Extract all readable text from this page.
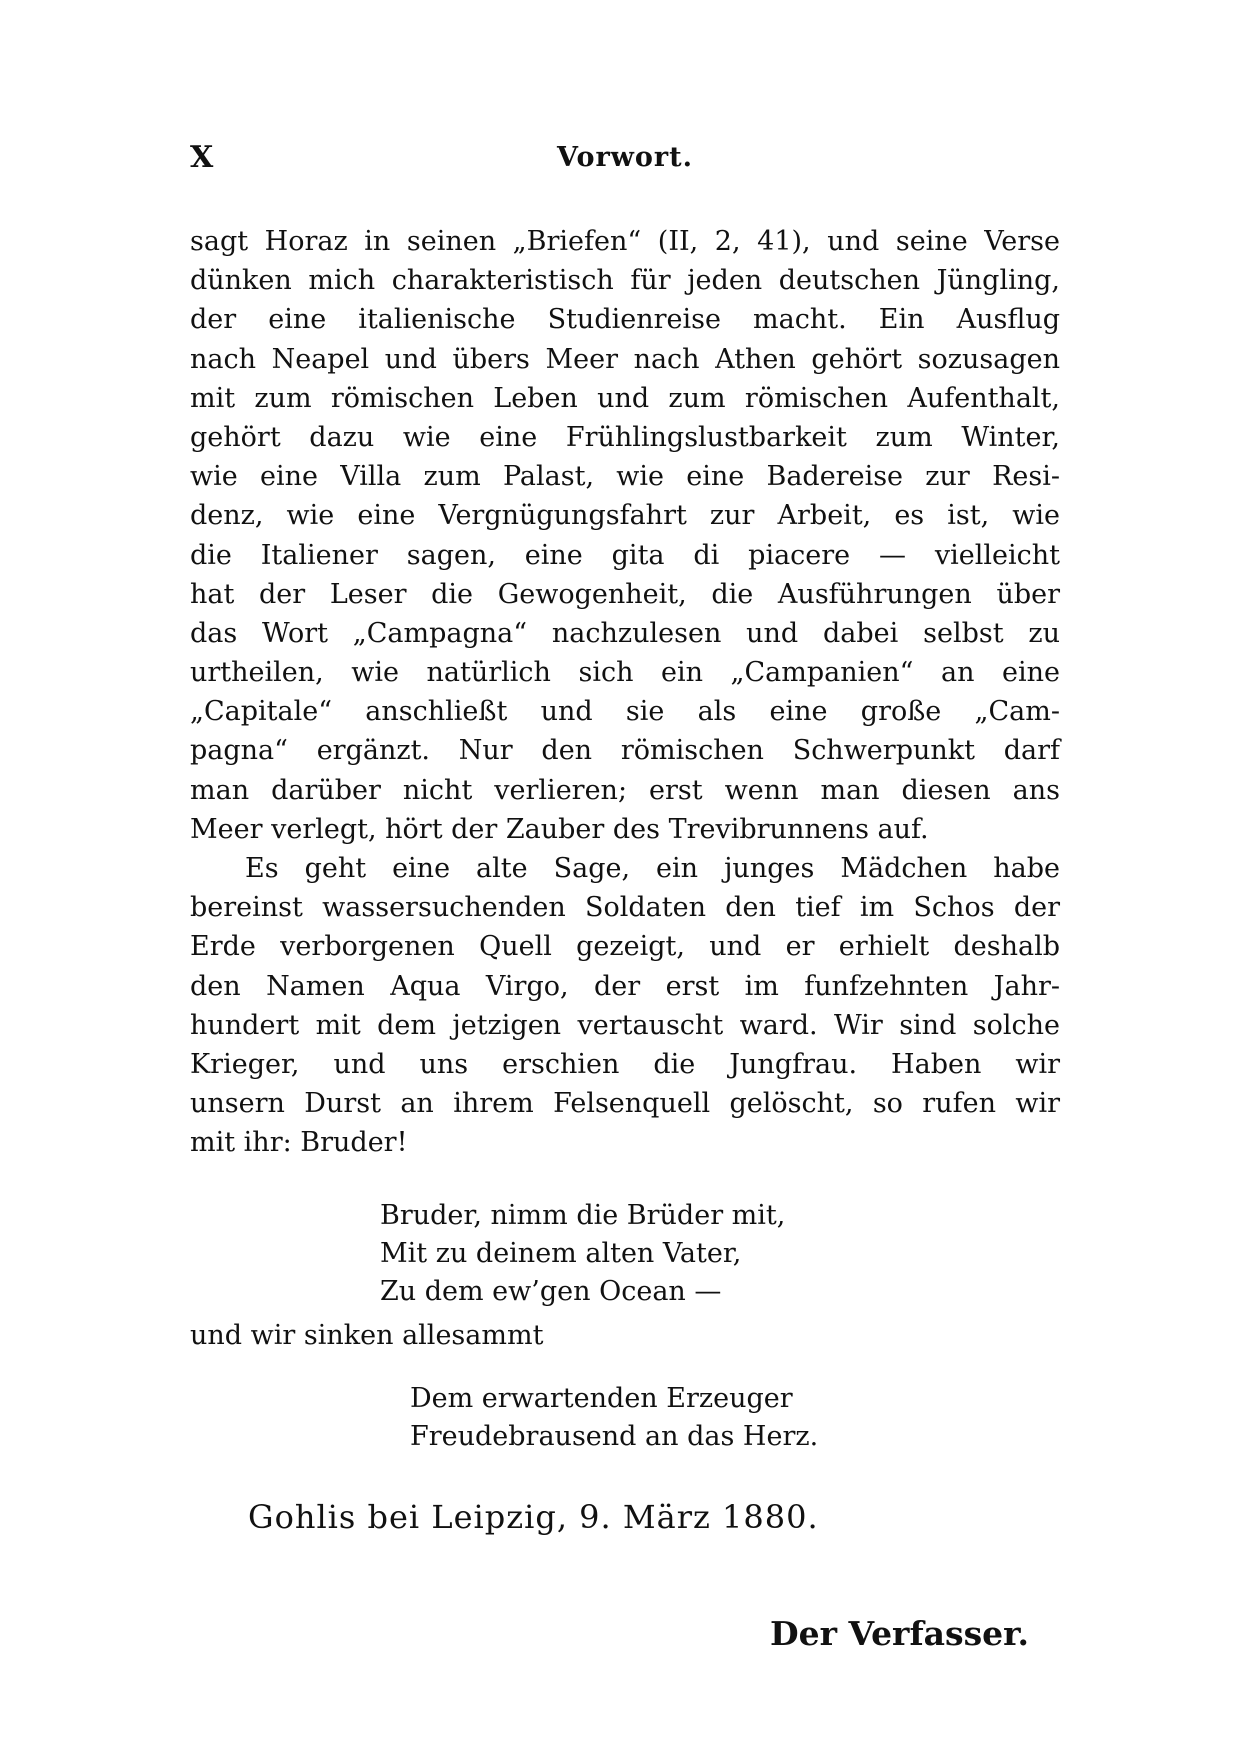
X	Vorwort.
sagt Horaz in seinen „Briefen“ (II, 2, 41), und seine Verse
dünken mich charakteristisch für jeden deutschen Jüngling,
der eine italienische Studienreise macht. Ein Ausflug
nach Neapel und übers Meer nach Athen gehört sozusagen
mit zum römischen Leben und zum römischen Aufenthalt,
gehört dazu wie eine Frühlingslustbarkeit zum Winter,
wie eine Villa zum Palast, wie eine Badereise zur Resi-
denz, wie eine Vergnügungsfahrt zur Arbeit, es ist, wie
die Italiener sagen, eine gita di piacere — vielleicht
hat der Leser die Gewogenheit, die Ausführungen über
das Wort „Campagna“ nachzulesen und dabei selbst zu
urtheilen, wie natürlich sich ein „Campanien“ an eine
„Capitale“ anschließt und sie als eine große „Cam-
pagna“ ergänzt. Nur den römischen Schwerpunkt darf
man darüber nicht verlieren; erst wenn man diesen ans
Meer verlegt, hört der Zauber des Trevibrunnens auf.
Es geht eine alte Sage, ein junges Mädchen habe
bereinst wassersuchenden Soldaten den tief im Schos der
Erde verborgenen Quell gezeigt, und er erhielt deshalb
den Namen Aqua Virgo, der erst im funfzehnten Jahr-
hundert mit dem jetzigen vertauscht ward. Wir sind solche
Krieger, und uns erschien die Jungfrau. Haben wir
unsern Durst an ihrem Felsenquell gelöscht, so rufen wir
mit ihr: Bruder!
Bruder, nimm die Brüder mit,
Mit zu deinem alten Vater,
Zu dem ew’gen Ocean —
und wir sinken allesammt
Dem erwartenden Erzeuger
Freudebrausend an das Herz.
Gohlis bei Leipzig, 9. März 1880.
Der Verfasser.
